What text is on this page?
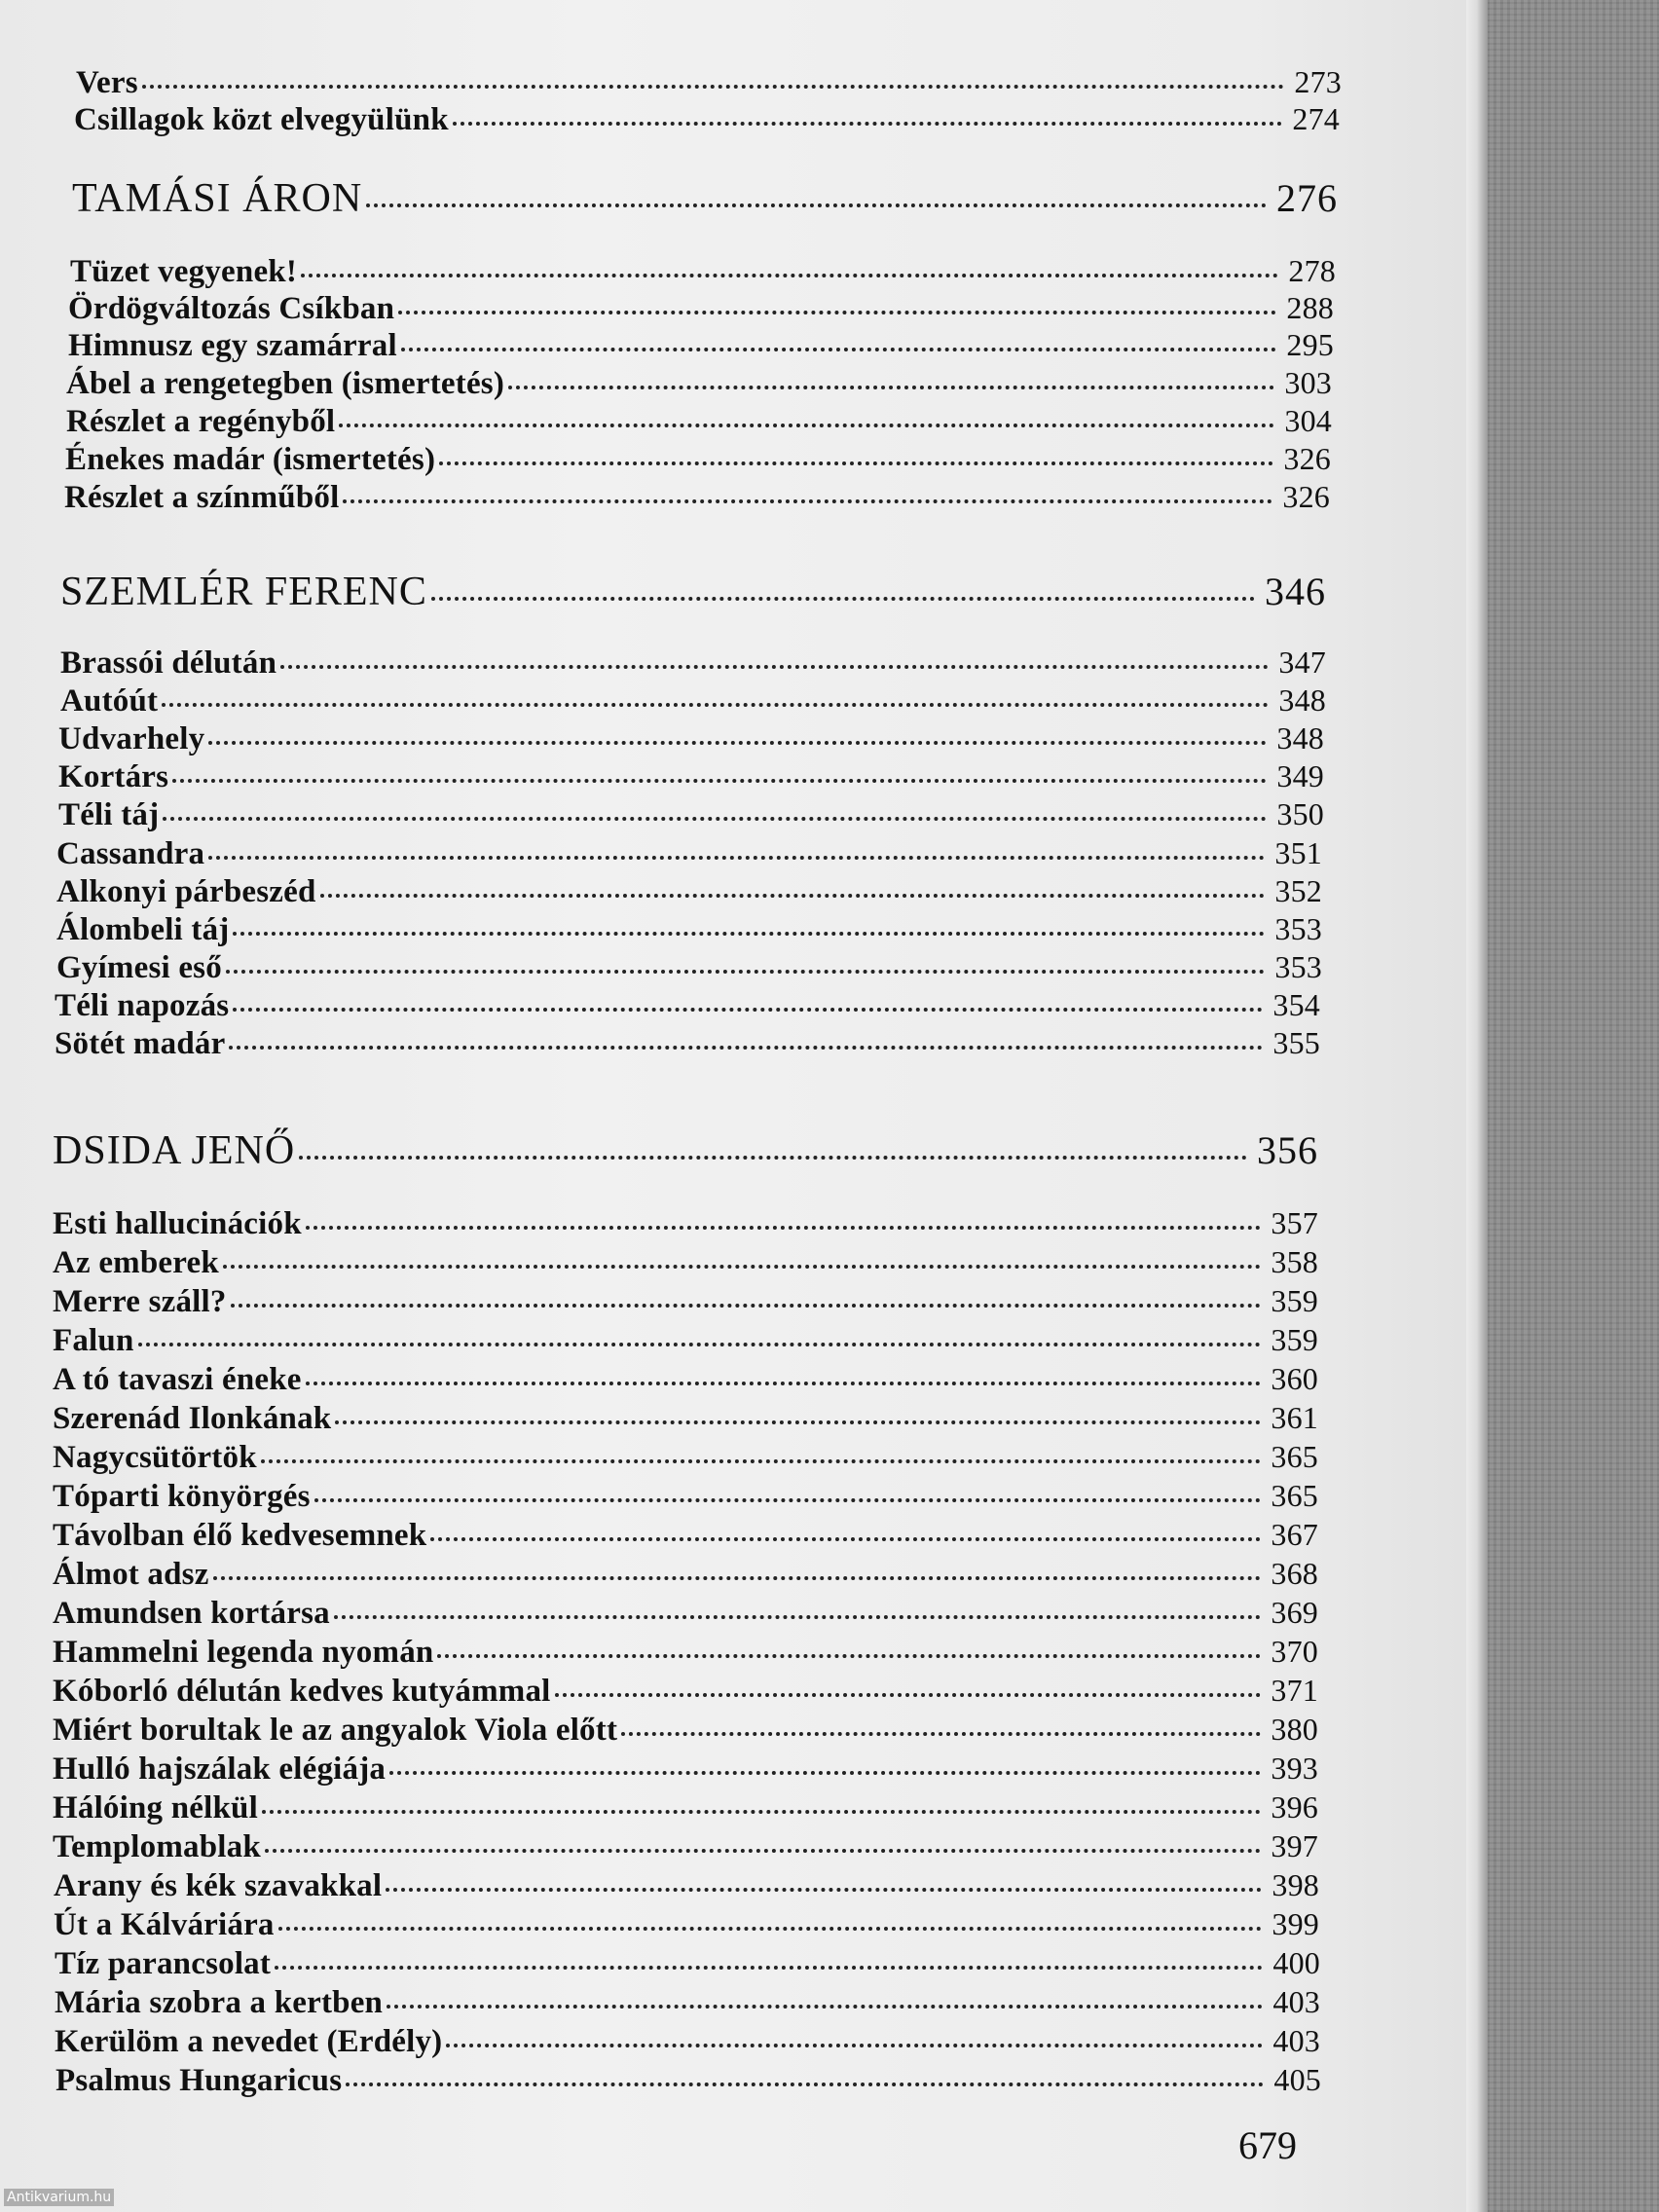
Vers	273
Csillagok közt elvegyülünk	274
TAMÁSI ÁRON	276
Tüzet vegyenek!	278
Ördögváltozás Csíkban	288
Himnusz egy szamárral	295
Ábel a rengetegben (ismertetés)	303
Részlet a regényből	304
Énekes madár (ismertetés)	326
Részlet a színműből	326
SZEMLÉR FERENC	346
Brassói délután	347
Autóút	348
Udvarhely	348
Kortárs	349
Téli táj	350
Cassandra	351
Alkonyi párbeszéd	352
Álombeli táj	353
Gyímesi eső	353
Téli napozás	354
Sötét madár	355
DSIDA JENŐ	356
Esti hallucinációk	357
Az emberek	358
Merre száll?	359
Falun	359
A tó tavaszi éneke	360
Szerenád Ilonkának	361
Nagycsütörtök	365
Tóparti könyörgés	365
Távolban élő kedvesemnek	367
Álmot adsz	368
Amundsen kortársa	369
Hammelni legenda nyomán	370
Kóborló délután kedves kutyámmal	371
Miért borultak le az angyalok Viola előtt	380
Hulló hajszálak elégiája	393
Hálóing nélkül	396
Templomablak	397
Arany és kék szavakkal	398
Út a Kálváriára	399
Tíz parancsolat	400
Mária szobra a kertben	403
Kerülöm a nevedet (Erdély)	403
Psalmus Hungaricus	405
679
Antikvarium.hu
